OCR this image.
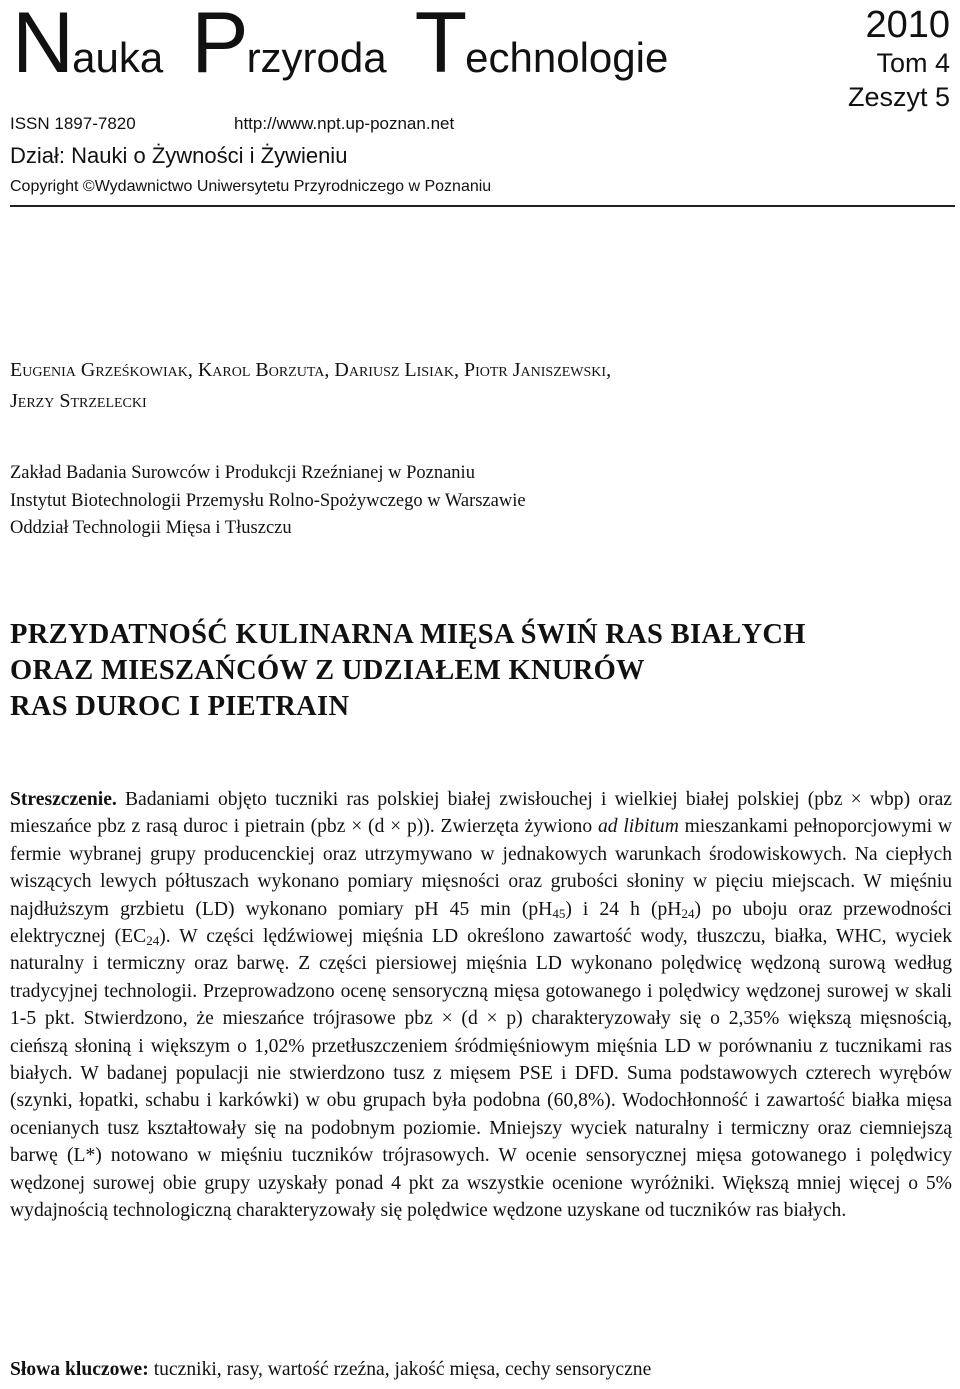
Nauka Przyroda Technologie
2010
Tom 4
Zeszyt 5
ISSN 1897-7820	http://www.npt.up-poznan.net
Dział: Nauki o Żywności i Żywieniu
Copyright ©Wydawnictwo Uniwersytetu Przyrodniczego w Poznaniu
Eugenia Grześkowiak, Karol Borzuta, Dariusz Lisiak, Piotr Janiszewski,
Jerzy Strzelecki
Zakład Badania Surowców i Produkcji Rzeźnianej w Poznaniu
Instytut Biotechnologii Przemysłu Rolno-Spożywczego w Warszawie
Oddział Technologii Mięsa i Tłuszczu
PRZYDATNOŚĆ KULINARNA MIĘSA ŚWIŃ RAS BIAŁYCH
ORAZ MIESZAŃCÓW Z UDZIAŁEM KNURÓW
RAS DUROC I PIETRAIN
Streszczenie. Badaniami objęto tuczniki ras polskiej białej zwisłouchej i wielkiej białej polskiej (pbz × wbp) oraz mieszańce pbz z rasą duroc i pietrain (pbz × (d × p)). Zwierzęta żywiono ad libitum mieszankami pełnoporcjowymi w fermie wybranej grupy producenckiej oraz utrzymywano w jednakowych warunkach środowiskowych. Na ciepłych wiszących lewych półtuszach wykonano pomiary mięsności oraz grubości słoniny w pięciu miejscach. W mięśniu najdłuższym grzbietu (LD) wykonano pomiary pH 45 $\min (pH_{45})$ i 24 h $(pH_{24})$ po uboju oraz przewodności elektrycznej $(EC_{24})$. W części lędźwiowej mięśnia LD określono zawartość wody, tłuszczu, białka, WHC, wyciek naturalny i termiczny oraz barwę. Z części piersiowej mięśnia LD wykonano polędwicę wędzoną surową według tradycyjnej technologii. Przeprowadzono ocenę sensoryczną mięsa gotowanego i polędwicy wędzonej surowej w skali 1-5 pkt. Stwierdzono, że mieszańce trójrasowe pbz × (d × p) charakteryzowały się o 2,35% większą mięsnością, cieńszą słoniną i większym o 1,02% przetłuszczeniem śródmięśniowym mięśnia LD w porównaniu z tucznikami ras białych. W badanej populacji nie stwierdzono tusz z mięsem PSE i DFD. Suma podstawowych czterech wyrębów (szynki, łopatki, schabu i karkówki) w obu grupach była podobna (60,8%). Wodochłonność i zawartość białka mięsa ocenianych tusz kształtowały się na podobnym poziomie. Mniejszy wyciek naturalny i termiczny oraz ciemniejszą barwę (L*) notowano w mięśniu tuczników trójrasowych. W ocenie sensorycznej mięsa gotowanego i polędwicy wędzonej surowej obie grupy uzyskały ponad 4 pkt za wszystkie ocenione wyróżniki. Większą mniej więcej o 5% wydajnością technologiczną charakteryzowały się polędwice wędzone uzyskane od tuczników ras białych.
Słowa kluczowe: tuczniki, rasy, wartość rzeźna, jakość mięsa, cechy sensoryczne
